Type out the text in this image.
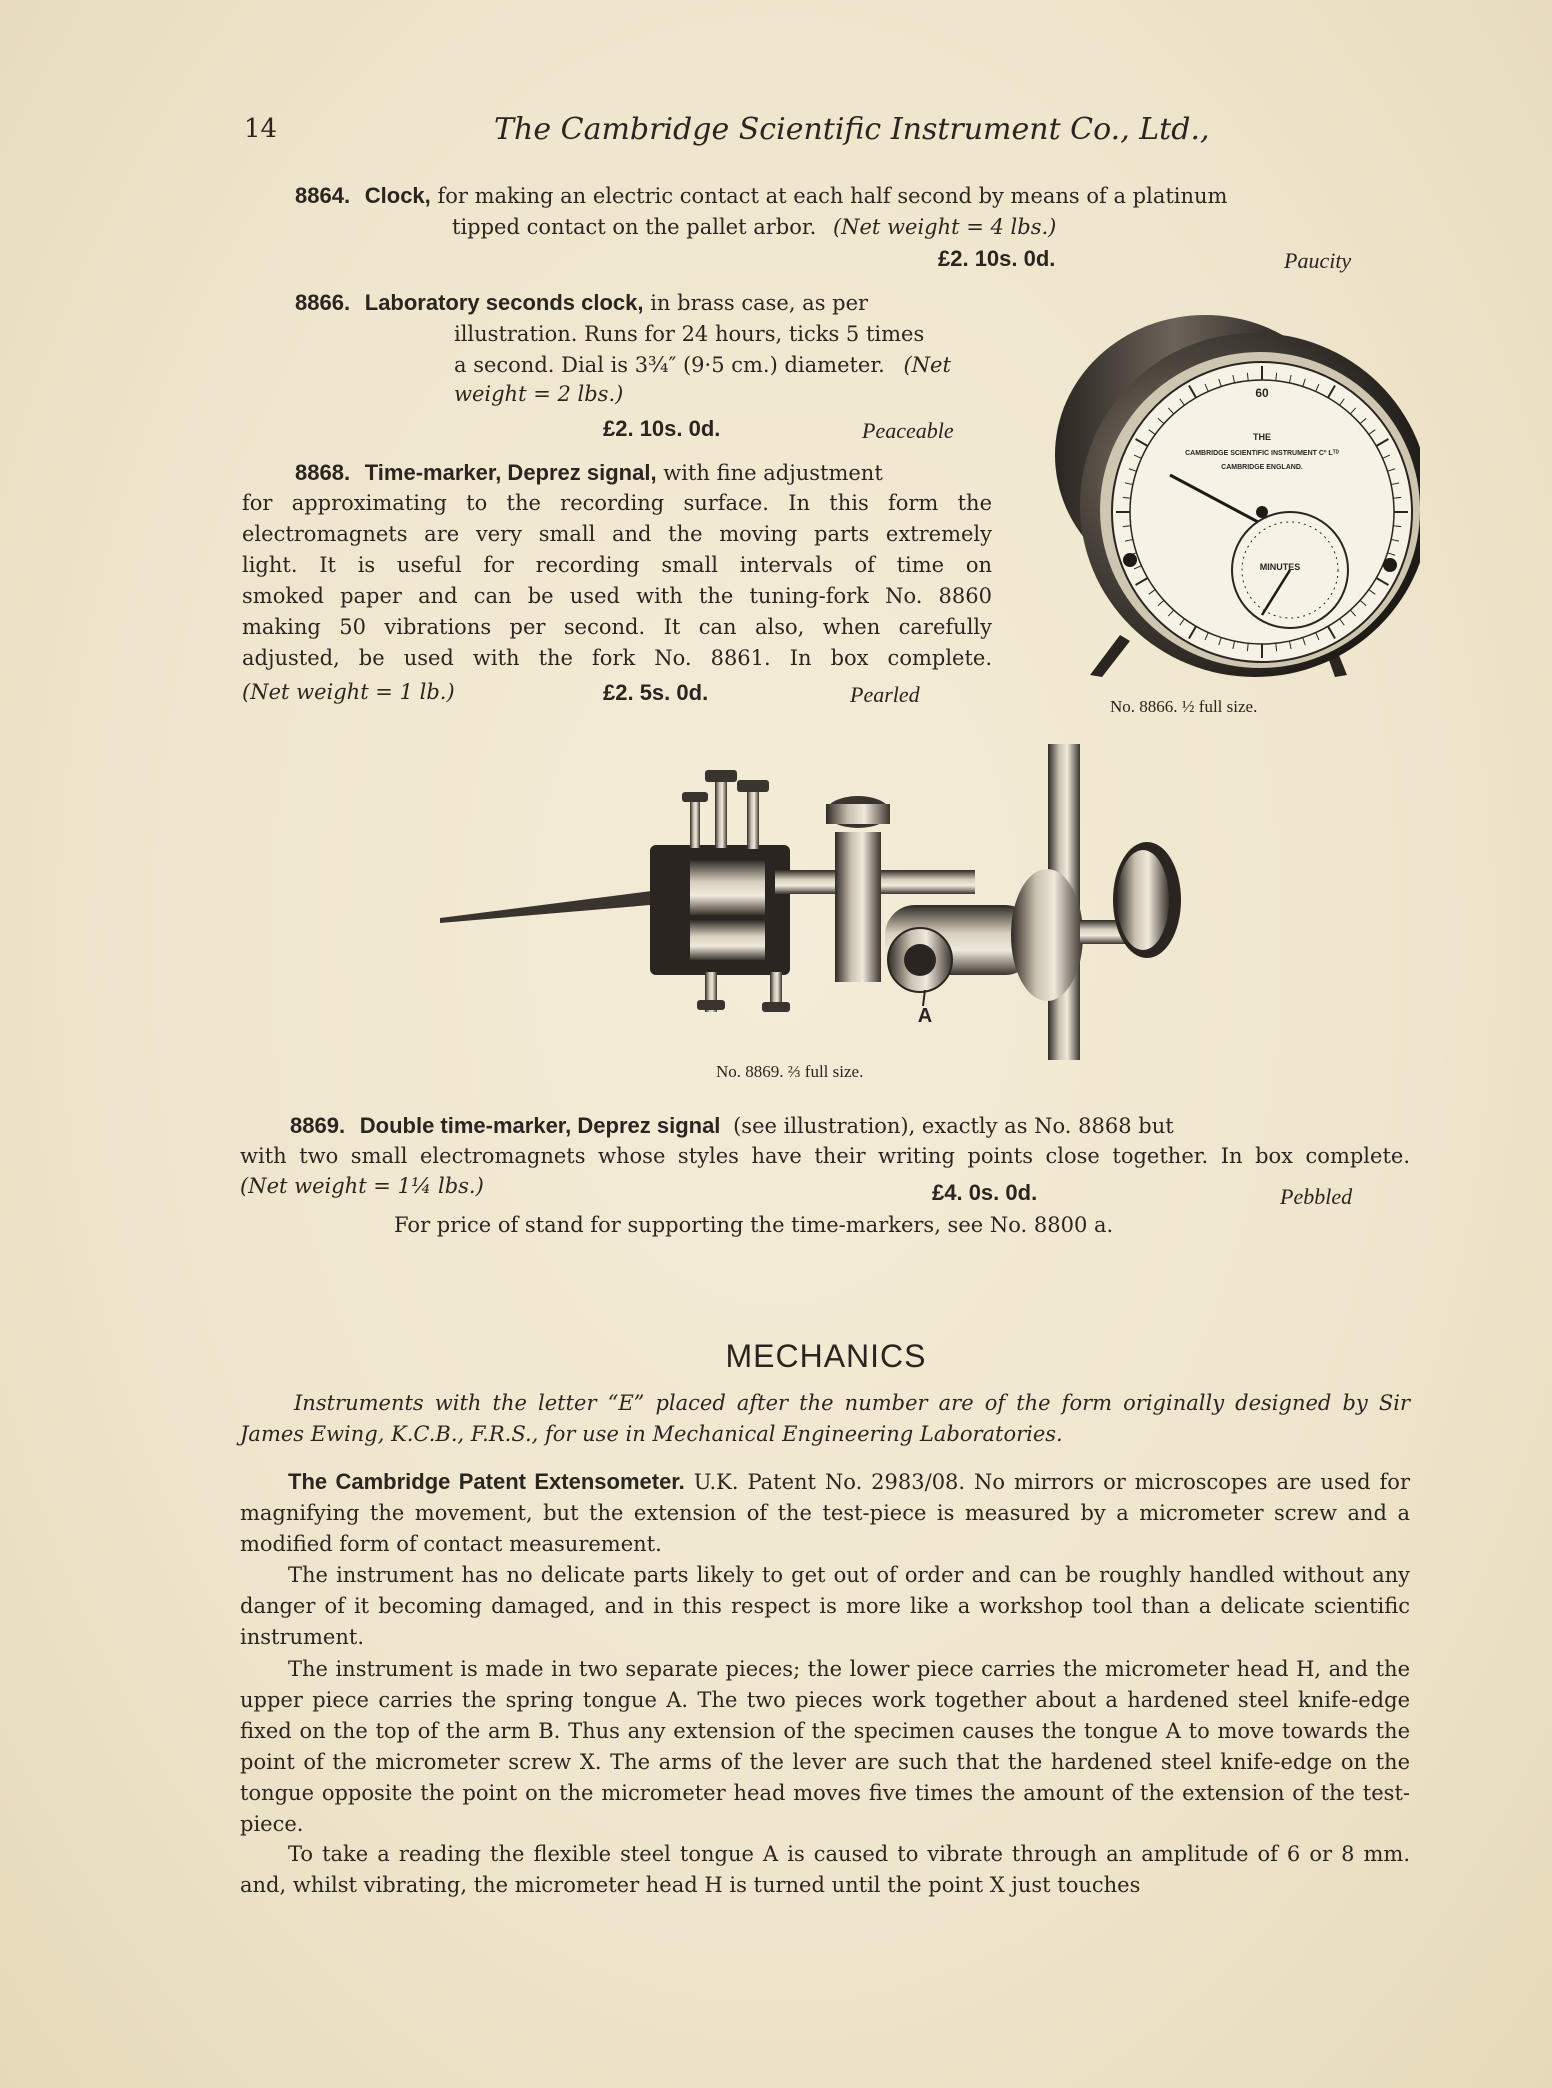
14	The Cambridge Scientific Instrument Co., Ltd.,
8864. Clock, for making an electric contact at each half second by means of a platinum
tipped contact on the pallet arbor. (Net weight = 4 lbs.)
£2. 10s. 0d.	Paucity
8866. Laboratory seconds clock, in brass case, as per
illustration. Runs for 24 hours, ticks 5 times
a second. Dial is 3¾″ (9·5 cm.) diameter. (Net
weight = 2 lbs.)
£2. 10s. 0d.	Peaceable
8868. Time-marker, Deprez signal, with fine adjustment
for approximating to the recording surface. In this form the
electromagnets are very small and the moving parts extremely
light. It is useful for recording small intervals of time on
smoked paper and can be used with the tuning-fork No. 8860
making 50 vibrations per second. It can also, when carefully
adjusted, be used with the fork No. 8861. In box complete.
(Net weight = 1 lb.)	£2. 5s. 0d.	Pearled
60
THE
CAMBRIDGE SCIENTIFIC INSTRUMENT Cº Lᵀᴰ
CAMBRIDGE ENGLAND.
MINUTES
No. 8866. ½ full size.
A
No. 8869. ⅔ full size.
8869. Double time-marker, Deprez signal (see illustration), exactly as No. 8868 but
with two small electromagnets whose styles have their writing points close together. In box complete.
(Net weight = 1¼ lbs.)	£4. 0s. 0d.	Pebbled
For price of stand for supporting the time-markers, see No. 8800 a.
MECHANICS
Instruments with the letter “E” placed after the number are of the form originally designed by Sir James Ewing, K.C.B., F.R.S., for use in Mechanical Engineering Laboratories.
The Cambridge Patent Extensometer. U.K. Patent No. 2983/08. No mirrors or microscopes are used for magnifying the movement, but the extension of the test-piece is measured by a micrometer screw and a modified form of contact measurement.
The instrument has no delicate parts likely to get out of order and can be roughly handled without any danger of it becoming damaged, and in this respect is more like a workshop tool than a delicate scientific instrument.
The instrument is made in two separate pieces; the lower piece carries the micrometer head H, and the upper piece carries the spring tongue A. The two pieces work together about a hardened steel knife-edge fixed on the top of the arm B. Thus any extension of the specimen causes the tongue A to move towards the point of the micrometer screw X. The arms of the lever are such that the hardened steel knife-edge on the tongue opposite the point on the micrometer head moves five times the amount of the extension of the test-piece.
To take a reading the flexible steel tongue A is caused to vibrate through an amplitude of 6 or 8 mm. and, whilst vibrating, the micrometer head H is turned until the point X just touches
